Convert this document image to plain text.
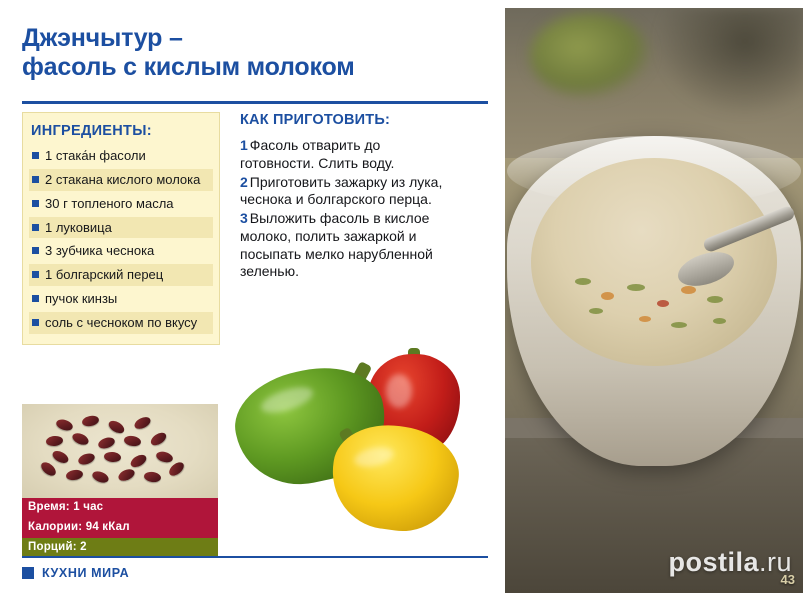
43
Джэнчытур –
фасоль с кислым молоком
ИНГРЕДИЕНТЫ:
1 стака́н фасоли
2 стакана кислого молока
30 г топленого масла
1 луковица
3 зубчика чеснока
1 болгарский перец
пучок кинзы
соль с чесноком по вкусу
Время: 1 час
Калории: 94 кКал
Порций: 2
КАК ПРИГОТОВИТЬ:
1 Фасоль отварить до готовности. Слить воду.
2 Приготовить зажарку из лука, чеснока и болгарского перца.
3 Выложить фасоль в кислое молоко, полить зажаркой и посыпать мелко нарубленной зеленью.
КУХНИ МИРА	postila.ru
